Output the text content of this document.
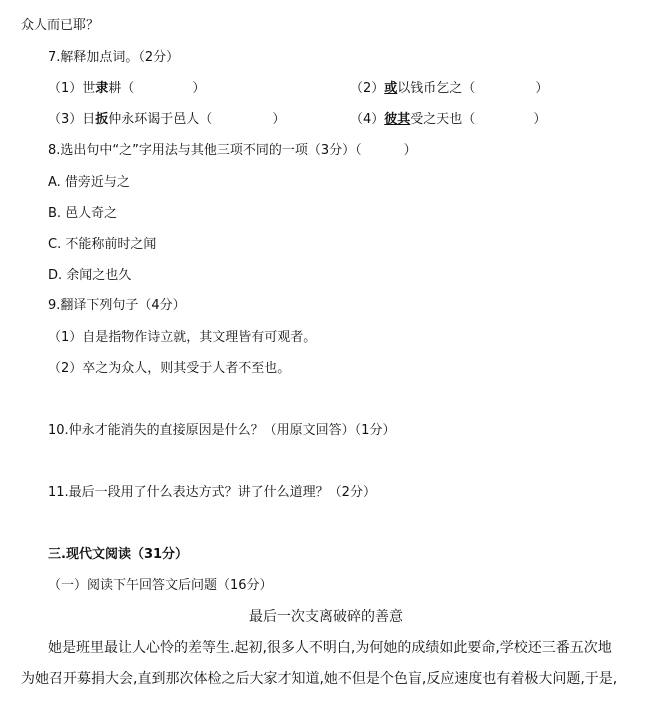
众人而已耶？
7.解释加点词。（2分）
（1）世隶耕（	）	（2）或以钱币乞之（	）
（3）日扳仲永环谒于邑人（	）	（4）彼其受之天也（	）
8.选出句中“之”字用法与其他三项不同的一项（3分）（	）
A. 借旁近与之
B. 邑人奇之
C. 不能称前时之闻
D. 余闻之也久
9.翻译下列句子（4分）
（1）自是指物作诗立就，其文理皆有可观者。
（2）卒之为众人，则其受于人者不至也。
10.仲永才能消失的直接原因是什么？（用原文回答）（1分）
11.最后一段用了什么表达方式？讲了什么道理？（2分）
三.现代文阅读（31分）
（一）阅读下午回答文后问题（16分）
最后一次支离破碎的善意
她是班里最让人心怜的差等生.起初,很多人不明白,为何她的成绩如此要命,学校还三番五次地
为她召开募捐大会,直到那次体检之后大家才知道,她不但是个色盲,反应速度也有着极大问题,于是,
